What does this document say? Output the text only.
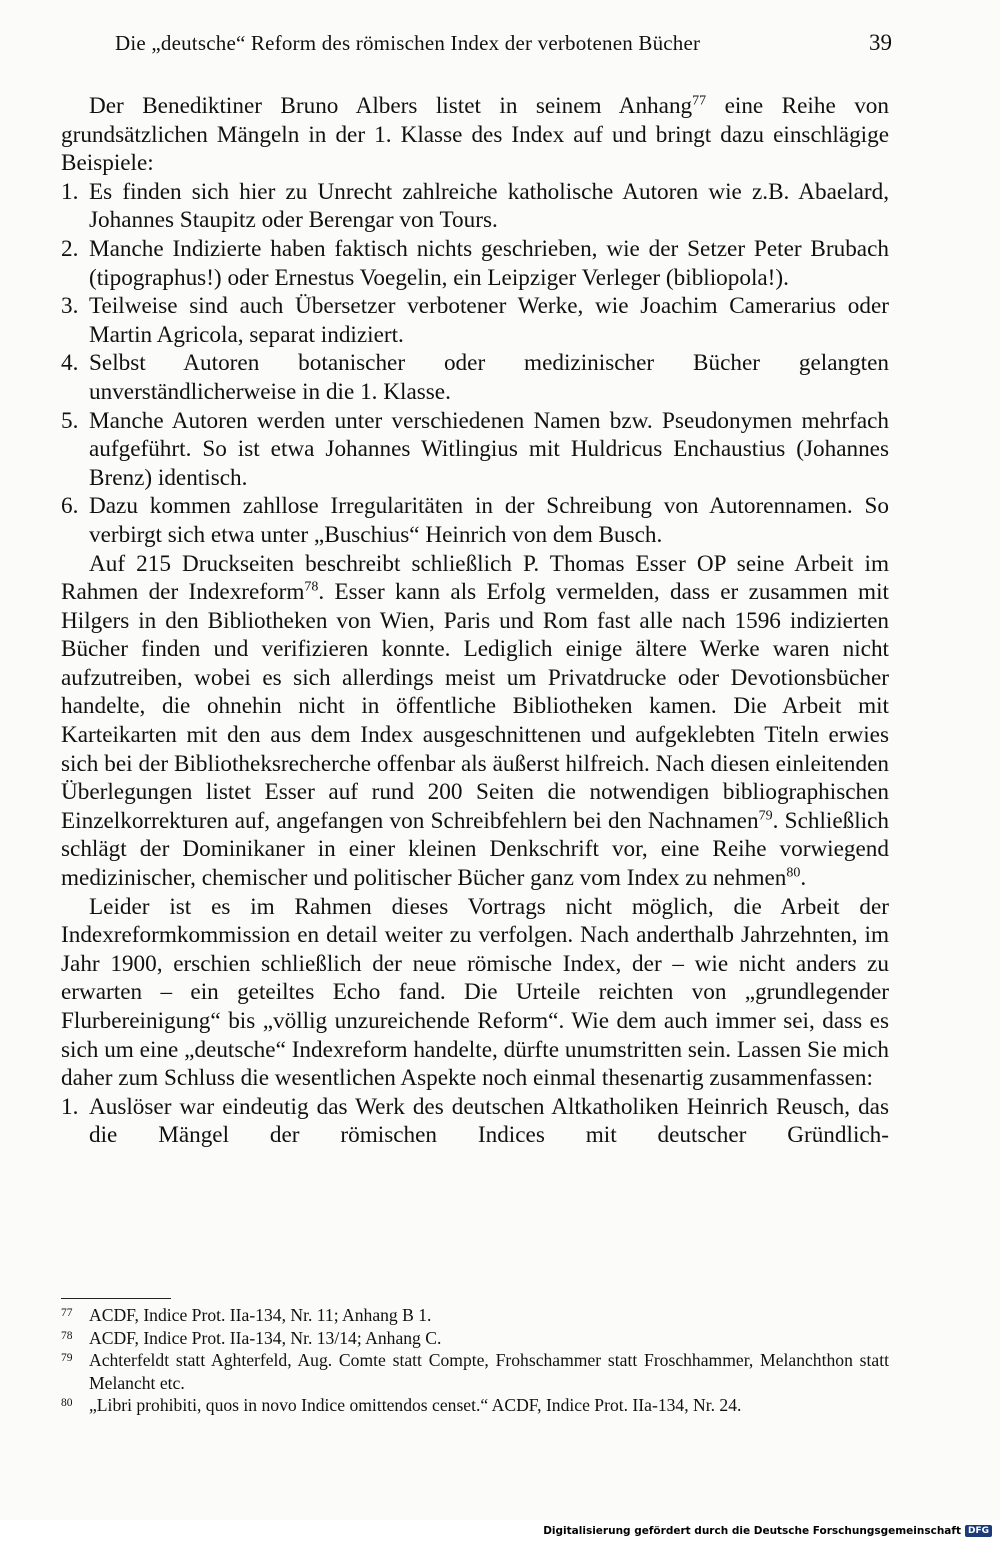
Die „deutsche“ Reform des römischen Index der verbotenen Bücher	39

Der Benediktiner Bruno Albers listet in seinem Anhang$^{77}$ eine Reihe von grundsätzlichen Mängeln in der 1. Klasse des Index auf und bringt dazu einschlägige Beispiele:

1. Es finden sich hier zu Unrecht zahlreiche katholische Autoren wie z.B. Abaelard, Johannes Staupitz oder Berengar von Tours.
2. Manche Indizierte haben faktisch nichts geschrieben, wie der Setzer Peter Brubach (tipographus!) oder Ernestus Voegelin, ein Leipziger Verleger (bibliopola!).
3. Teilweise sind auch Übersetzer verbotener Werke, wie Joachim Camerarius oder Martin Agricola, separat indiziert.
4. Selbst Autoren botanischer oder medizinischer Bücher gelangten unverständlicherweise in die 1. Klasse.
5. Manche Autoren werden unter verschiedenen Namen bzw. Pseudonymen mehrfach aufgeführt. So ist etwa Johannes Witlingius mit Huldricus Enchaustius (Johannes Brenz) identisch.
6. Dazu kommen zahllose Irregularitäten in der Schreibung von Autorennamen. So verbirgt sich etwa unter „Buschius“ Heinrich von dem Busch.

Auf 215 Druckseiten beschreibt schließlich P. Thomas Esser OP seine Arbeit im Rahmen der Indexreform$^{78}$. Esser kann als Erfolg vermelden, dass er zusammen mit Hilgers in den Bibliotheken von Wien, Paris und Rom fast alle nach 1596 indizierten Bücher finden und verifizieren konnte. Lediglich einige ältere Werke waren nicht aufzutreiben, wobei es sich allerdings meist um Privatdrucke oder Devotionsbücher handelte, die ohnehin nicht in öffentliche Bibliotheken kamen. Die Arbeit mit Karteikarten mit den aus dem Index ausgeschnittenen und aufgeklebten Titeln erwies sich bei der Bibliotheksrecherche offenbar als äußerst hilfreich. Nach diesen einleitenden Überlegungen listet Esser auf rund 200 Seiten die notwendigen bibliographischen Einzelkorrekturen auf, angefangen von Schreibfehlern bei den Nachnamen$^{79}$. Schließlich schlägt der Dominikaner in einer kleinen Denkschrift vor, eine Reihe vorwiegend medizinischer, chemischer und politischer Bücher ganz vom Index zu nehmen$^{80}$.

Leider ist es im Rahmen dieses Vortrags nicht möglich, die Arbeit der Indexreformkommission en detail weiter zu verfolgen. Nach anderthalb Jahrzehnten, im Jahr 1900, erschien schließlich der neue römische Index, der – wie nicht anders zu erwarten – ein geteiltes Echo fand. Die Urteile reichten von „grundlegender Flurbereinigung“ bis „völlig unzureichende Reform“. Wie dem auch immer sei, dass es sich um eine „deutsche“ Indexreform handelte, dürfte unumstritten sein. Lassen Sie mich daher zum Schluss die wesentlichen Aspekte noch einmal thesenartig zusammenfassen:

1. Auslöser war eindeutig das Werk des deutschen Altkatholiken Heinrich Reusch, das die Mängel der römischen Indices mit deutscher Gründlich-
77 ACDF, Indice Prot. IIa-134, Nr. 11; Anhang B 1.
78 ACDF, Indice Prot. IIa-134, Nr. 13/14; Anhang C.
79 Achterfeldt statt Aghterfeld, Aug. Comte statt Compte, Frohschammer statt Froschhammer, Melanchthon statt Melancht etc.
80 „Libri prohibiti, quos in novo Indice omittendos censet.“ ACDF, Indice Prot. IIa-134, Nr. 24.
Digitalisierung gefördert durch die Deutsche Forschungsgemeinschaft DFG
